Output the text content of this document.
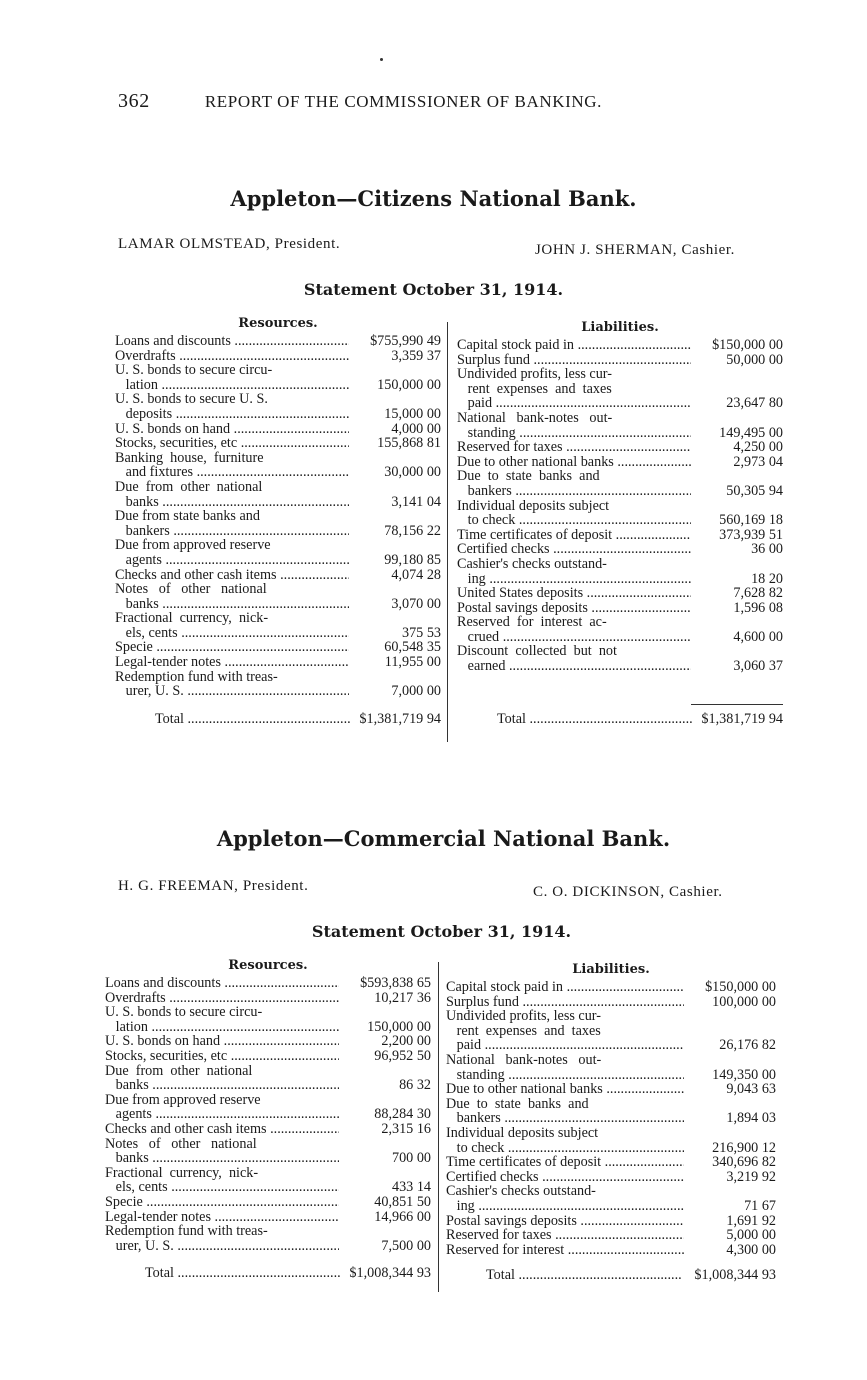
362	REPORT OF THE COMMISSIONER OF BANKING.
Appleton—Citizens National Bank.
LAMAR OLMSTEAD, President.	JOHN J. SHERMAN, Cashier.
Statement October 31, 1914.
Resources.
Loans and discounts .....	$755,990 49
Overdrafts .....	3,359 37
U. S. bonds to secure circu-
lation .....	150,000 00
U. S. bonds to secure U. S.
deposits .....	15,000 00
U. S. bonds on hand .....	4,000 00
Stocks, securities, etc .....	155,868 81
Banking  house,  furniture
and fixtures .....	30,000 00
Due  from  other  national
banks .....	3,141 04
Due from state banks and
bankers .....	78,156 22
Due from approved reserve
agents .....	99,180 85
Checks and other cash items .....	4,074 28
Notes   of   other   national
banks .....	3,070 00
Fractional  currency,  nick-
els, cents .....	375 53
Specie .....	60,548 35
Legal-tender notes .....	11,955 00
Redemption fund with treas-
urer, U. S. .....	7,000 00
Total .....	$1,381,719 94
Liabilities.
Capital stock paid in .....	$150,000 00
Surplus fund .....	50,000 00
Undivided profits, less cur-
rent  expenses  and  taxes
paid .....	23,647 80
National   bank-notes   out-
standing .....	149,495 00
Reserved for taxes .....	4,250 00
Due to other national banks .....	2,973 04
Due  to  state  banks  and
bankers .....	50,305 94
Individual deposits subject
to check .....	560,169 18
Time certificates of deposit .....	373,939 51
Certified checks .....	36 00
Cashier's checks outstand-
ing .....	18 20
United States deposits .....	7,628 82
Postal savings deposits .....	1,596 08
Reserved  for  interest  ac-
crued .....	4,600 00
Discount  collected  but  not
earned .....	3,060 37
Total .....	$1,381,719 94
Appleton—Commercial National Bank.
H. G. FREEMAN, President.	C. O. DICKINSON, Cashier.
Statement October 31, 1914.
Resources.
Loans and discounts .....	$593,838 65
Overdrafts .....	10,217 36
U. S. bonds to secure circu-
lation .....	150,000 00
U. S. bonds on hand .....	2,200 00
Stocks, securities, etc .....	96,952 50
Due  from  other  national
banks .....	86 32
Due from approved reserve
agents .....	88,284 30
Checks and other cash items .....	2,315 16
Notes   of   other   national
banks .....	700 00
Fractional  currency,  nick-
els, cents .....	433 14
Specie .....	40,851 50
Legal-tender notes .....	14,966 00
Redemption fund with treas-
urer, U. S. .....	7,500 00
Total .....	$1,008,344 93
Liabilities.
Capital stock paid in .....	$150,000 00
Surplus fund .....	100,000 00
Undivided profits, less cur-
rent  expenses  and  taxes
paid .....	26,176 82
National   bank-notes   out-
standing .....	149,350 00
Due to other national banks .....	9,043 63
Due  to  state  banks  and
bankers .....	1,894 03
Individual deposits subject
to check .....	216,900 12
Time certificates of deposit .....	340,696 82
Certified checks .....	3,219 92
Cashier's checks outstand-
ing .....	71 67
Postal savings deposits .....	1,691 92
Reserved for taxes .....	5,000 00
Reserved for interest .....	4,300 00
Total .....	$1,008,344 93
